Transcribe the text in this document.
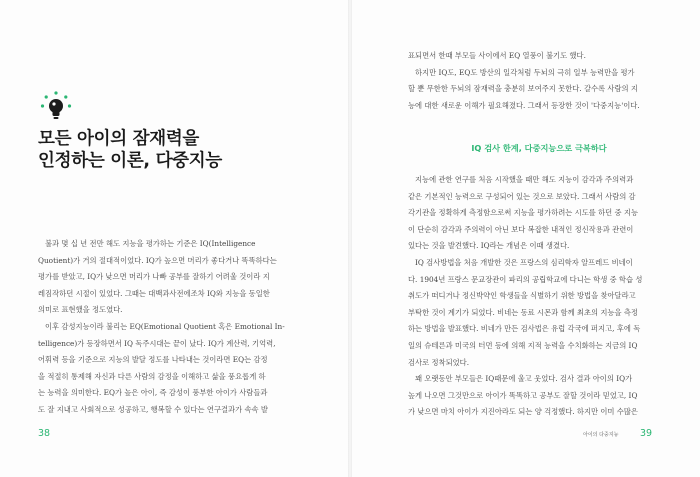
모든 아이의 잠재력을
인정하는 이론, 다중지능

불과 몇 십 년 전만 해도 지능을 평가하는 기준은 IQ(Intelligence
Quotient)가 거의 절대적이었다. IQ가 높으면 머리가 좋다거나 똑똑하다는
평가를 받았고, IQ가 낮으면 머리가 나빠 공부를 잘하기 어려울 것이라 지
레짐작하던 시절이 있었다. 그때는 대백과사전에조차 IQ와 지능을 동일한
의미로 표현했을 정도였다.

이후 감성지능이라 불리는 EQ(Emotional Quotient 혹은 Emotional In-
telligence)가 등장하면서 IQ 독주시대는 끝이 났다. IQ가 계산력, 기억력,
어휘력 등을 기준으로 지능의 발달 정도를 나타내는 것이라면 EQ는 감정
을 적절히 통제해 자신과 다른 사람의 감정을 이해하고 삶을 풍요롭게 하
는 능력을 의미한다. EQ가 높은 아이, 즉 감성이 풍부한 아이가 사람들과
도 잘 지내고 사회적으로 성공하고, 행복할 수 있다는 연구결과가 속속 발

38

표되면서 한때 부모들 사이에서 EQ 열풍이 불기도 했다.

하지만 IQ도, EQ도 방산의 일각처럼 두뇌의 극히 일부 능력만을 평가
할 뿐 무한한 두뇌의 잠재력을 충분히 보여주지 못한다. 갈수록 사람의 지
능에 대한 새로운 이해가 필요해졌다. 그래서 등장한 것이 '다중지능'이다.

IQ 검사 한계, 다중지능으로 극복하다

지능에 관한 연구를 처음 시작했을 때만 해도 지능이 감각과 주의력과
같은 기본적인 능력으로 구성되어 있는 것으로 보았다. 그래서 사람의 감
각기관을 정확하게 측정함으로써 지능을 평가하려는 시도를 하던 중 지능
이 단순히 감각과 주의력이 아닌 보다 복잡한 내적인 정신작용과 관련이
있다는 것을 발견했다. IQ라는 개념은 이때 생겼다.

IQ 검사방법을 처음 개발한 것은 프랑스의 심리학자 알프레드 비네이
다. 1904년 프랑스 문교장관이 파리의 공립학교에 다니는 학생 중 학습 성
취도가 떠디거나 정신박약인 학생들을 식별하기 위한 방법을 찾아달라고
부탁한 것이 계기가 되었다. 비네는 동료 시몬과 함께 최초의 지능을 측정
하는 방법을 발표했다. 비네가 만든 검사법은 유럽 각국에 퍼지고, 후에 독
일의 슈테른과 미국의 터먼 등에 의해 지적 능력을 수치화하는 지금의 IQ
검사로 정착되었다.

꽤 오랫동안 부모들은 IQ때문에 울고 웃었다. 검사 결과 아이의 IQ가
높게 나오면 그것만으로 아이가 똑똑하고 공부도 잘할 것이라 믿었고, IQ
가 낮으면 마치 아이가 지진아라도 되는 양 걱정했다. 하지만 이미 수많은

아이의 다중지능 39
